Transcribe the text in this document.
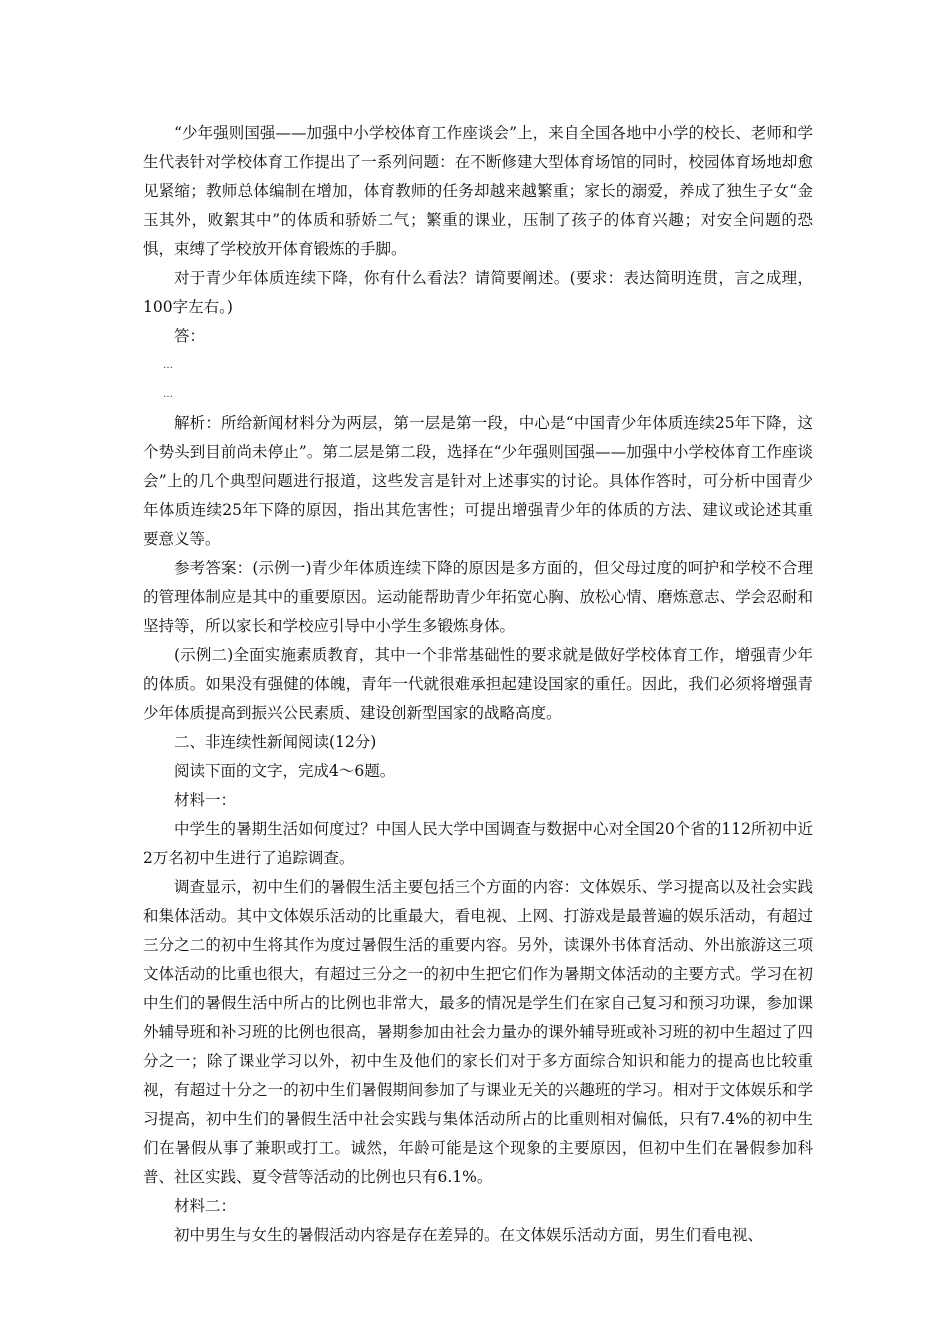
“少年强则国强——加强中小学校体育工作座谈会”上，来自全国各地中小学的校长、老师和学生代表针对学校体育工作提出了一系列问题：在不断修建大型体育场馆的同时，校园体育场地却愈见紧缩；教师总体编制在增加，体育教师的任务却越来越繁重；家长的溺爱，养成了独生子女“金玉其外，败絮其中”的体质和骄娇二气；繁重的课业，压制了孩子的体育兴趣；对安全问题的恐惧，束缚了学校放开体育锻炼的手脚。

对于青少年体质连续下降，你有什么看法？请简要阐述。(要求：表达简明连贯，言之成理，100字左右。)

答：

…

…

解析：所给新闻材料分为两层，第一层是第一段，中心是“中国青少年体质连续25年下降，这个势头到目前尚未停止”。第二层是第二段，选择在“少年强则国强——加强中小学校体育工作座谈会”上的几个典型问题进行报道，这些发言是针对上述事实的讨论。具体作答时，可分析中国青少年体质连续25年下降的原因，指出其危害性；可提出增强青少年的体质的方法、建议或论述其重要意义等。

参考答案：(示例一)青少年体质连续下降的原因是多方面的，但父母过度的呵护和学校不合理的管理体制应是其中的重要原因。运动能帮助青少年拓宽心胸、放松心情、磨炼意志、学会忍耐和坚持等，所以家长和学校应引导中小学生多锻炼身体。

(示例二)全面实施素质教育，其中一个非常基础性的要求就是做好学校体育工作，增强青少年的体质。如果没有强健的体魄，青年一代就很难承担起建设国家的重任。因此，我们必须将增强青少年体质提高到振兴公民素质、建设创新型国家的战略高度。

二、非连续性新闻阅读(12分)

阅读下面的文字，完成4～6题。

材料一：

中学生的暑期生活如何度过？中国人民大学中国调查与数据中心对全国20个省的112所初中近2万名初中生进行了追踪调查。

调查显示，初中生们的暑假生活主要包括三个方面的内容：文体娱乐、学习提高以及社会实践和集体活动。其中文体娱乐活动的比重最大，看电视、上网、打游戏是最普遍的娱乐活动，有超过三分之二的初中生将其作为度过暑假生活的重要内容。另外，读课外书体育活动、外出旅游这三项文体活动的比重也很大，有超过三分之一的初中生把它们作为暑期文体活动的主要方式。学习在初中生们的暑假生活中所占的比例也非常大，最多的情况是学生们在家自己复习和预习功课，参加课外辅导班和补习班的比例也很高，暑期参加由社会力量办的课外辅导班或补习班的初中生超过了四分之一；除了课业学习以外，初中生及他们的家长们对于多方面综合知识和能力的提高也比较重视，有超过十分之一的初中生们暑假期间参加了与课业无关的兴趣班的学习。相对于文体娱乐和学习提高，初中生们的暑假生活中社会实践与集体活动所占的比重则相对偏低，只有7.4%的初中生们在暑假从事了兼职或打工。诚然，年龄可能是这个现象的主要原因，但初中生们在暑假参加科普、社区实践、夏令营等活动的比例也只有6.1%。

材料二：

初中男生与女生的暑假活动内容是存在差异的。在文体娱乐活动方面，男生们看电视、
